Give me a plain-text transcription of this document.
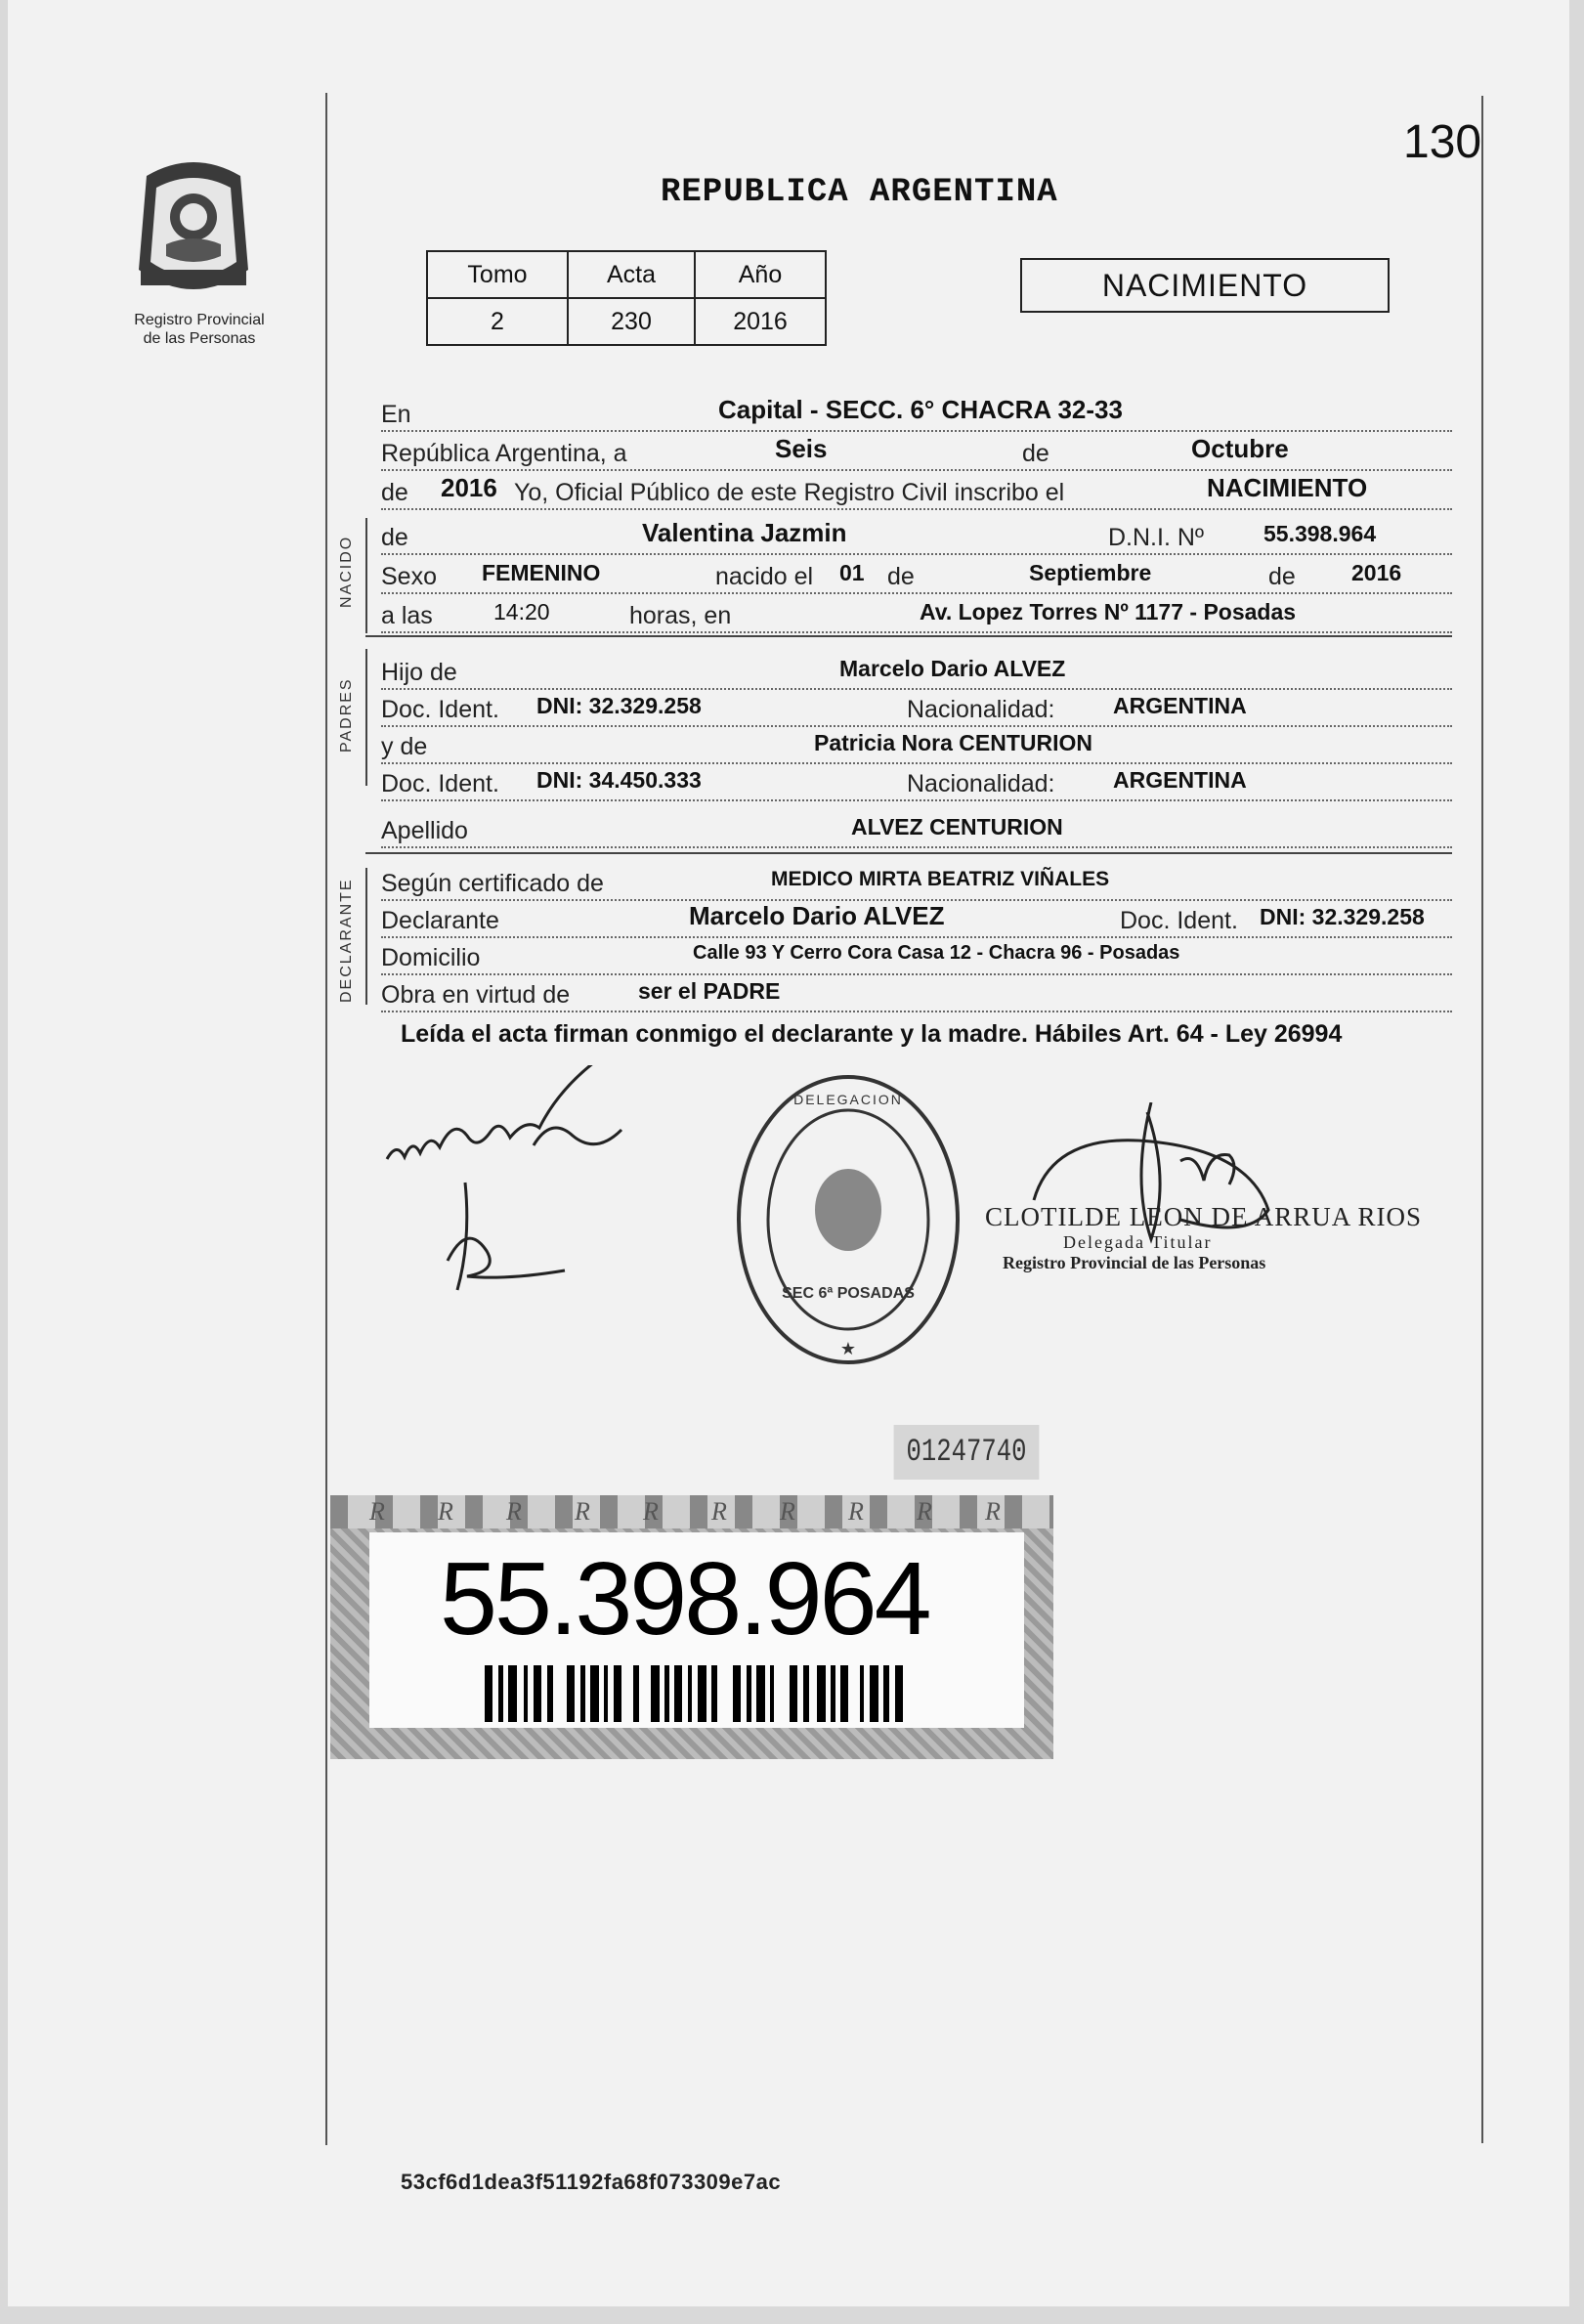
130
Registro Provincial
de las Personas
REPUBLICA ARGENTINA
Tomo	Acta	Año
2	230	2016
NACIMIENTO
En	Capital - SECC. 6° CHACRA 32-33
República Argentina, a	Seis	de	Octubre
de 2016 Yo, Oficial Público de este Registro Civil inscribo el	NACIMIENTO
NACIDO de	Valentina Jazmin	D.N.I. Nº	55.398.964
Sexo FEMENINO	nacido el 01 de	Septiembre	de 2016
a las	14:20	horas, en	Av. Lopez Torres Nº 1177 - Posadas
PADRES
Hijo de	Marcelo Dario ALVEZ
Doc. Ident. DNI: 32.329.258	Nacionalidad:	ARGENTINA
y de	Patricia Nora CENTURION
Doc. Ident. DNI: 34.450.333	Nacionalidad:	ARGENTINA
Apellido	ALVEZ CENTURION
DECLARANTE Según certificado de	MEDICO MIRTA BEATRIZ VIÑALES
Declarante	Marcelo Dario ALVEZ	Doc. Ident. DNI: 32.329.258
Domicilio	Calle 93 Y Cerro Cora Casa 12 - Chacra 96 - Posadas
Obra en virtud de	ser el PADRE
Leída el acta firman conmigo el declarante y la madre. Hábiles Art. 64 - Ley 26994
DELEGACION
SEC 6ª POSADAS
★
CLOTILDE LEON DE ARRUA RIOS
Delegada Titular
Registro Provincial de las Personas
01247740
R R R R R R R R R R
55.398.964
53cf6d1dea3f51192fa68f073309e7ac
